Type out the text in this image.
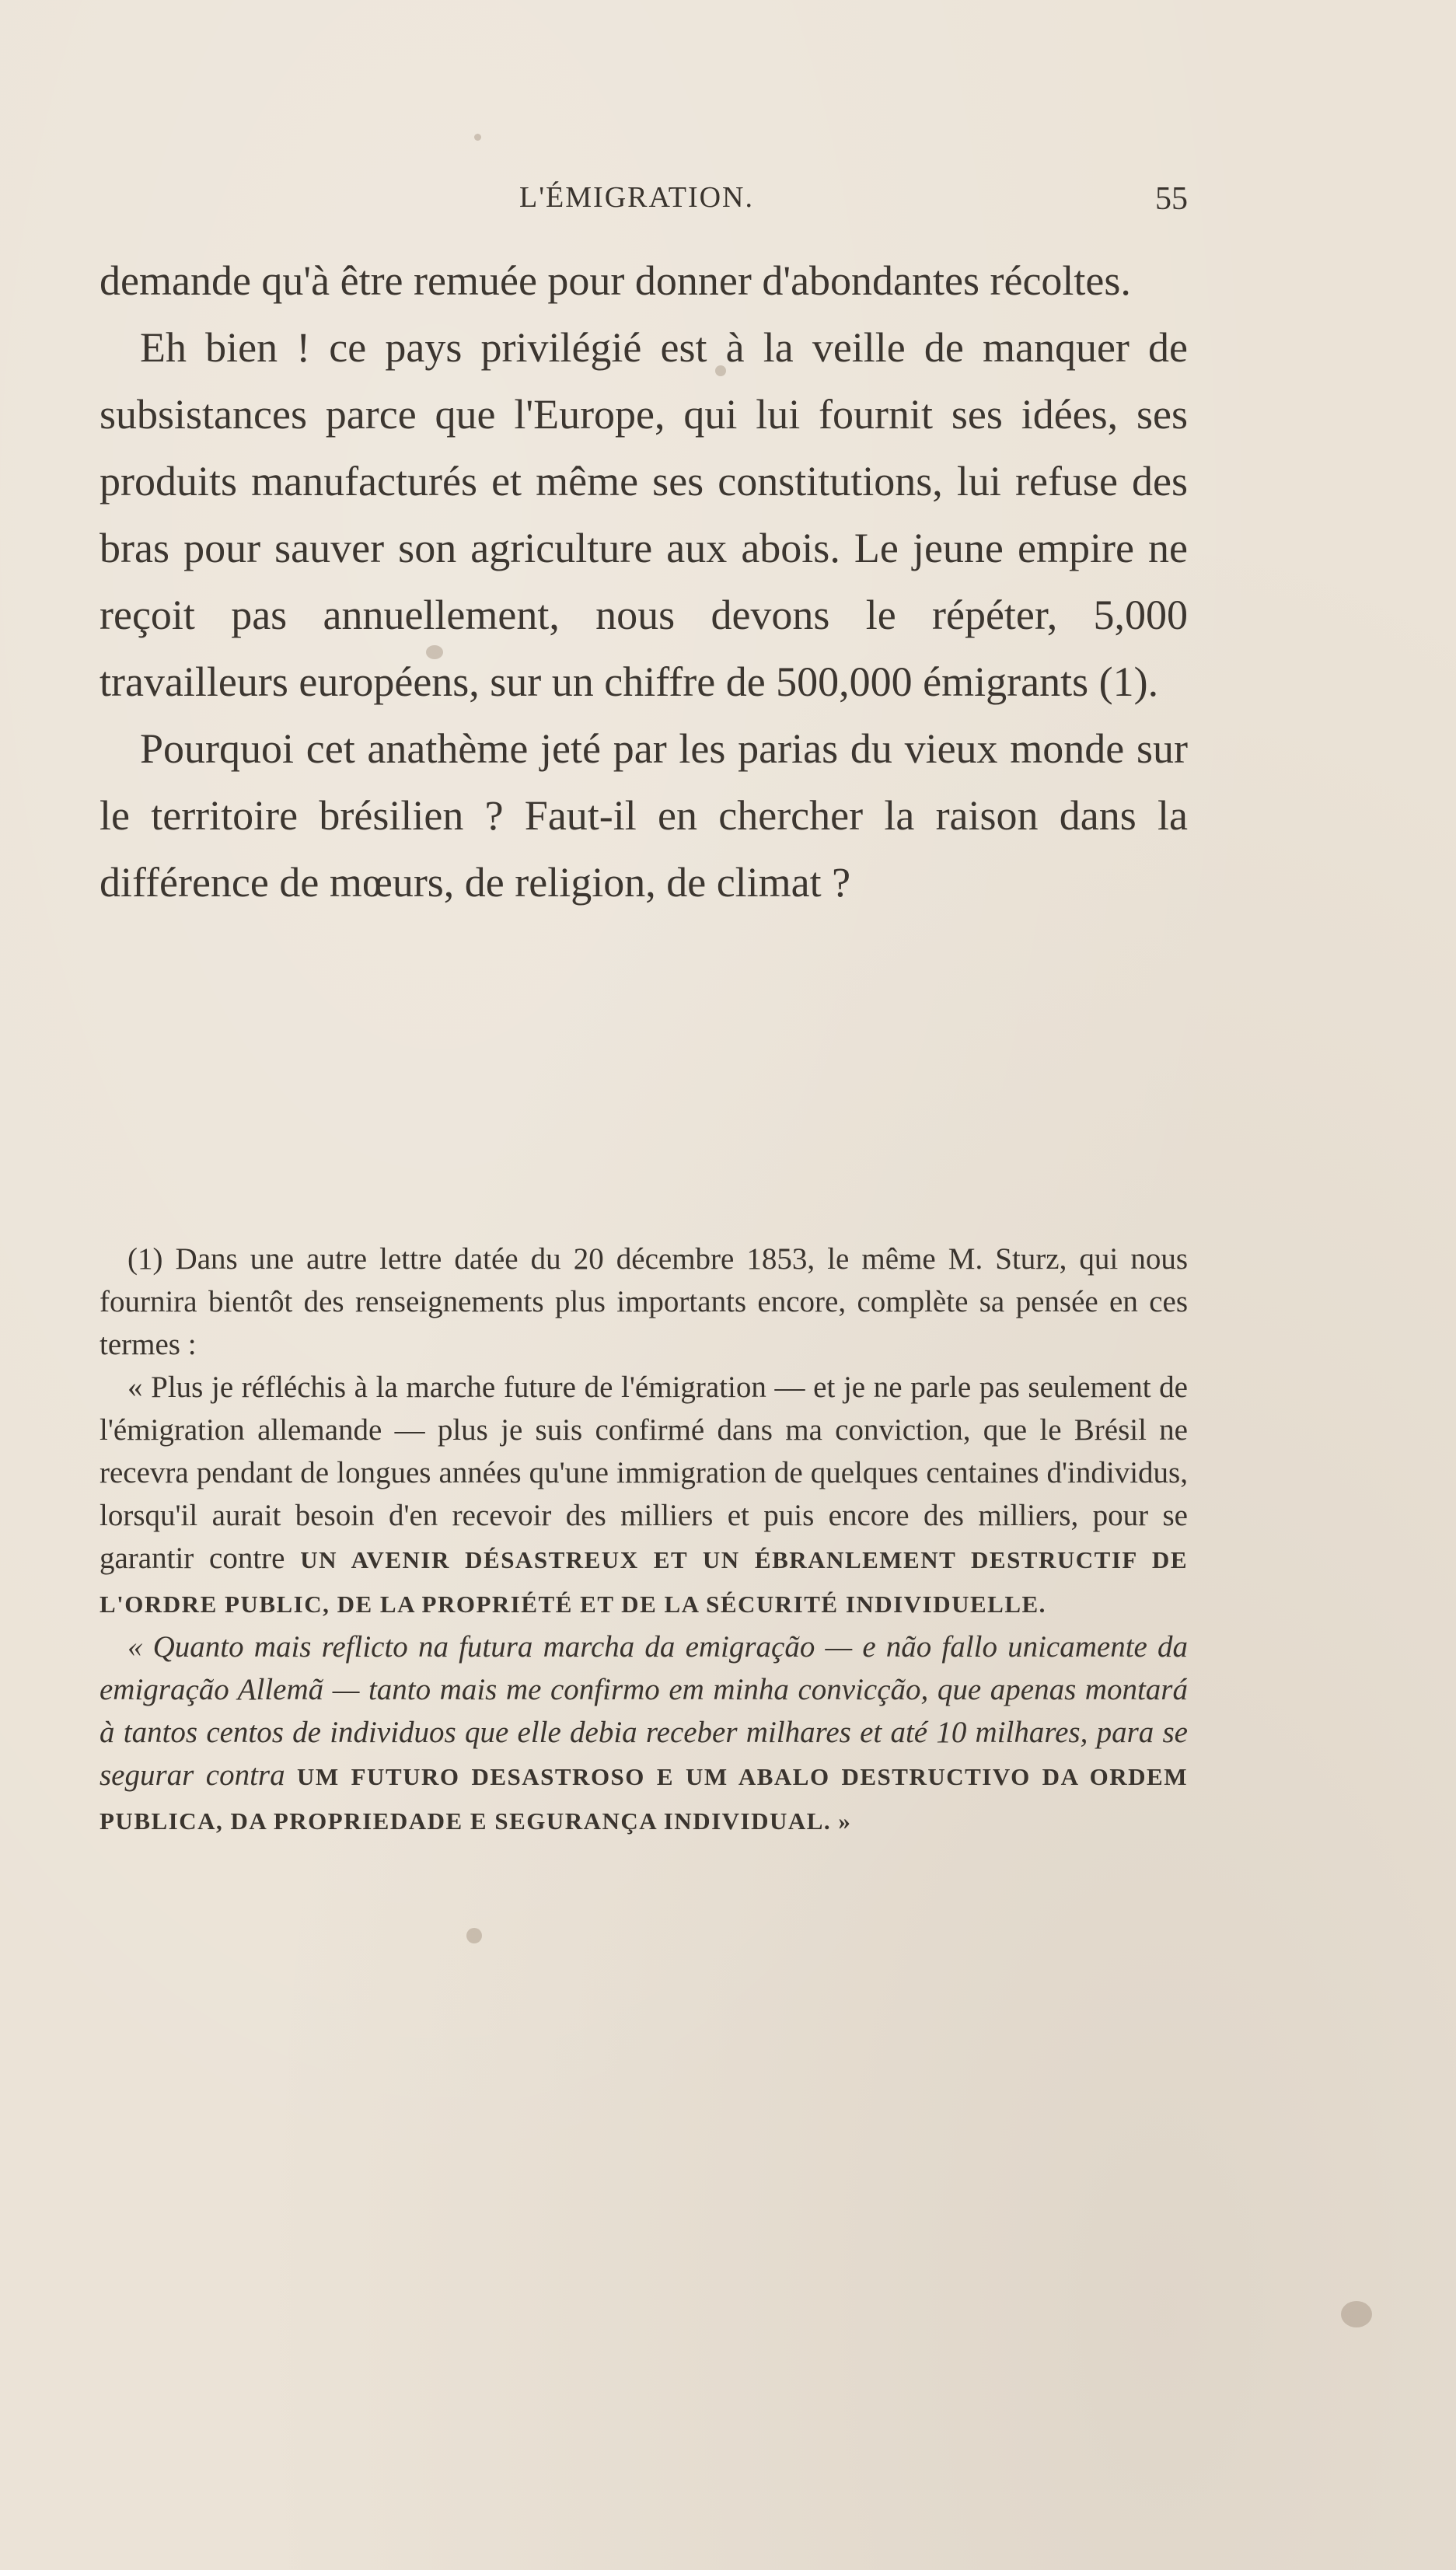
L'ÉMIGRATION.	55

demande qu'à être remuée pour donner d'abondantes récoltes.

Eh bien ! ce pays privilégié est à la veille de manquer de subsistances parce que l'Europe, qui lui fournit ses idées, ses produits manufacturés et même ses constitutions, lui refuse des bras pour sauver son agriculture aux abois. Le jeune empire ne reçoit pas annuellement, nous devons le répéter, 5,000 travailleurs européens, sur un chiffre de 500,000 émigrants (1).

Pourquoi cet anathème jeté par les parias du vieux monde sur le territoire brésilien ? Faut-il en chercher la raison dans la différence de mœurs, de religion, de climat ?

(1) Dans une autre lettre datée du 20 décembre 1853, le même M. Sturz, qui nous fournira bientôt des renseignements plus importants encore, complète sa pensée en ces termes :

« Plus je réfléchis à la marche future de l'émigration — et je ne parle pas seulement de l'émigration allemande — plus je suis confirmé dans ma conviction, que le Brésil ne recevra pendant de longues années qu'une immigration de quelques centaines d'individus, lorsqu'il aurait besoin d'en recevoir des milliers et puis encore des milliers, pour se garantir contre UN AVENIR DÉSASTREUX ET UN ÉBRANLEMENT DESTRUCTIF DE L'ORDRE PUBLIC, DE LA PROPRIÉTÉ ET DE LA SÉCURITÉ INDIVIDUELLE.

« Quanto mais reflicto na futura marcha da emigração — e não fallo unicamente da emigração Allemã — tanto mais me confirmo em minha convicção, que apenas montará à tantos centos de individuos que elle debia receber milhares et até 10 milhares, para se segurar contra UM FUTURO DESASTROSO E UM ABALO DESTRUCTIVO DA ORDEM PUBLICA, DA PROPRIEDADE E SEGURANÇA INDIVIDUAL. »
